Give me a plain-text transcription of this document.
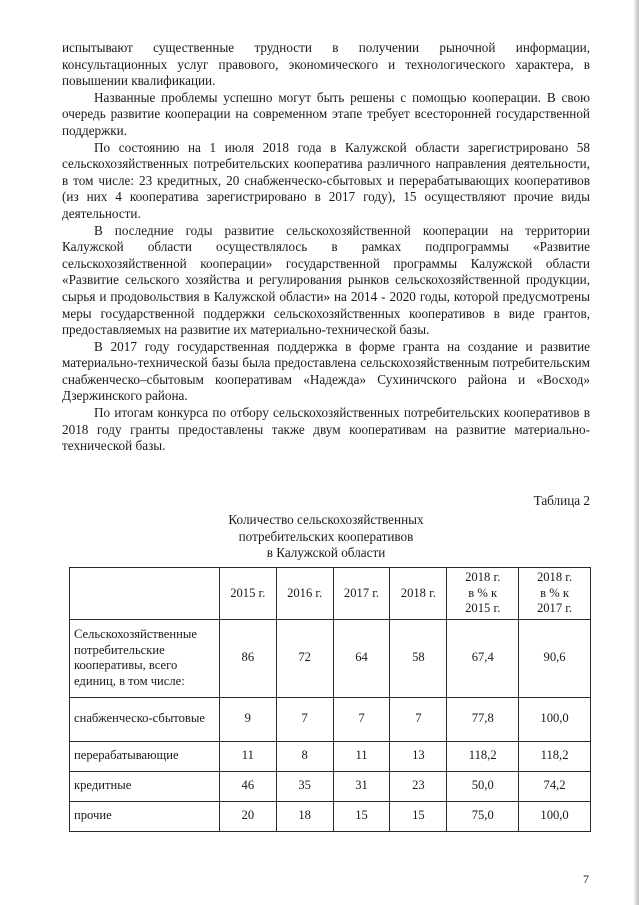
испытывают существенные трудности в получении рыночной информации, консультационных услуг правового, экономического и технологического характера, в повышении квалификации.

Названные проблемы успешно могут быть решены с помощью кооперации. В свою очередь развитие кооперации на современном этапе требует всесторонней государственной поддержки.

По состоянию на 1 июля 2018 года в Калужской области зарегистрировано 58 сельскохозяйственных потребительских кооператива различного направления деятельности, в том числе: 23 кредитных, 20 снабженческо-сбытовых и перерабатывающих кооперативов (из них 4 кооператива зарегистрировано в 2017 году), 15 осуществляют прочие виды деятельности.

В последние годы развитие сельскохозяйственной кооперации на территории Калужской области осуществлялось в рамках подпрограммы «Развитие сельскохозяйственной кооперации» государственной программы Калужской области «Развитие сельского хозяйства и регулирования рынков сельскохозяйственной продукции, сырья и продовольствия в Калужской области» на 2014 - 2020 годы, которой предусмотрены меры государственной поддержки сельскохозяйственных кооперативов в виде грантов, предоставляемых на развитие их материально-технической базы.

В 2017 году государственная поддержка в форме гранта на создание и развитие материально-технической базы была предоставлена сельскохозяйственным потребительским снабженческо–сбытовым кооперативам «Надежда» Сухиничского района и «Восход» Дзержинского района.

По итогам конкурса по отбору сельскохозяйственных потребительских кооперативов в 2018 году гранты предоставлены также двум кооперативам на развитие материально-технической базы.

Таблица 2
Количество сельскохозяйственных
потребительских кооперативов
в Калужской области
	2015 г.	2016 г.	2017 г.	2018 г.	2018 г.
в % к
2015 г.	2018 г.
в % к
2017 г.
Сельскохозяйственные потребительские кооперативы, всего единиц, в том числе:	86	72	64	58	67,4	90,6
снабженческо-сбытовые	9	7	7	7	77,8	100,0
перерабатывающие	11	8	11	13	118,2	118,2
кредитные	46	35	31	23	50,0	74,2
прочие	20	18	15	15	75,0	100,0
7
